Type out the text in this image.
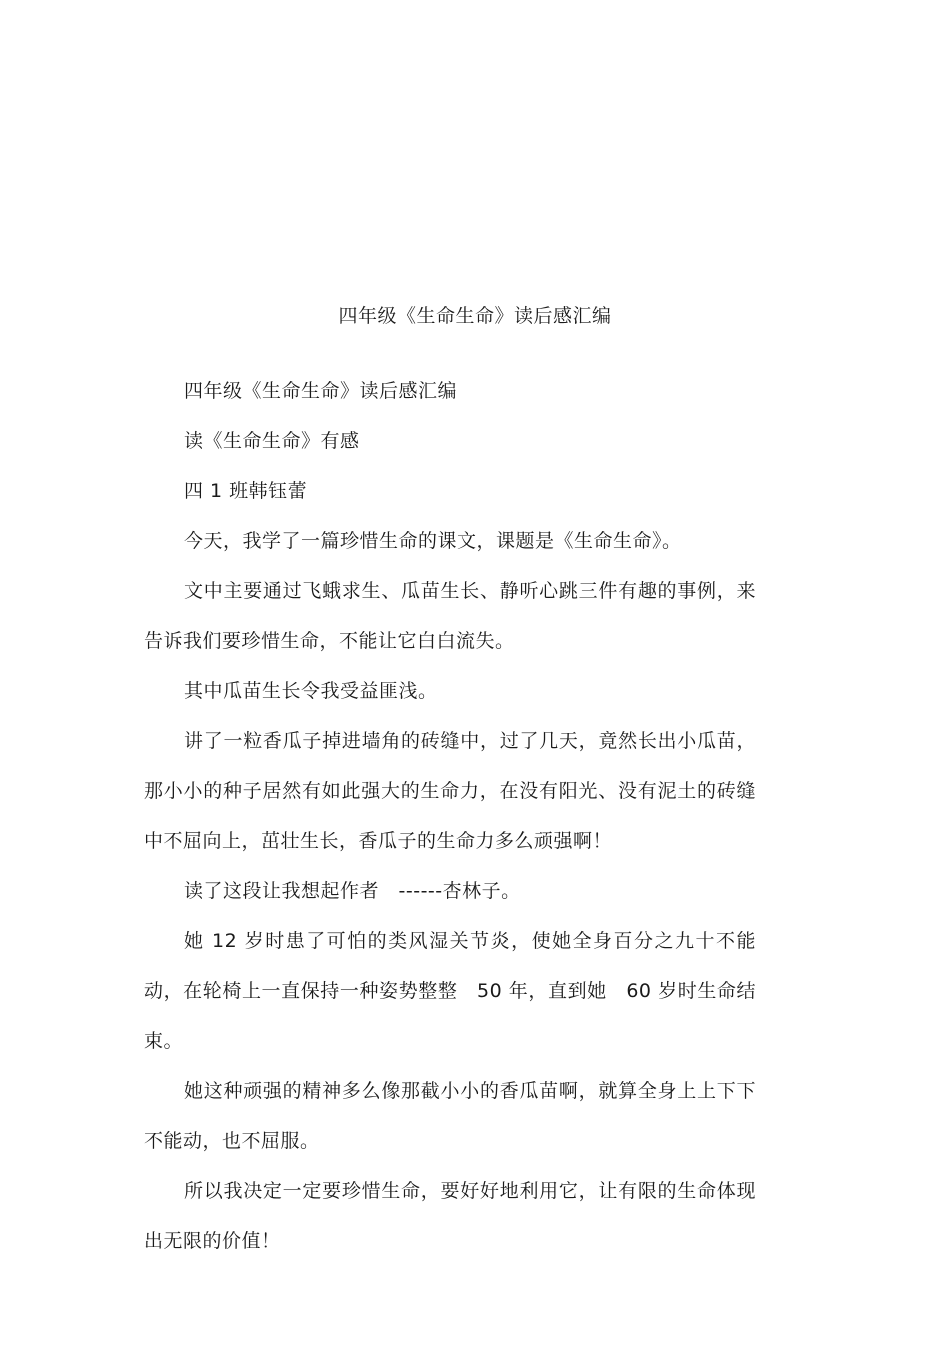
四年级《生命生命》读后感汇编

四年级《生命生命》读后感汇编

读《生命生命》有感

四 1 班韩钰蕾

今天，我学了一篇珍惜生命的课文，课题是《生命生命》。

文中主要通过飞蛾求生、瓜苗生长、静听心跳三件有趣的事例，来告诉我们要珍惜生命，不能让它白白流失。

其中瓜苗生长令我受益匪浅。

讲了一粒香瓜子掉进墙角的砖缝中，过了几天，竟然长出小瓜苗，那小小的种子居然有如此强大的生命力，在没有阳光、没有泥土的砖缝中不屈向上，茁壮生长，香瓜子的生命力多么顽强啊！

读了这段让我想起作者　------杏林子。

她 12 岁时患了可怕的类风湿关节炎，使她全身百分之九十不能动，在轮椅上一直保持一种姿势整整　50 年，直到她　60 岁时生命结束。

她这种顽强的精神多么像那截小小的香瓜苗啊，就算全身上上下下不能动，也不屈服。

所以我决定一定要珍惜生命，要好好地利用它，让有限的生命体现出无限的价值！
